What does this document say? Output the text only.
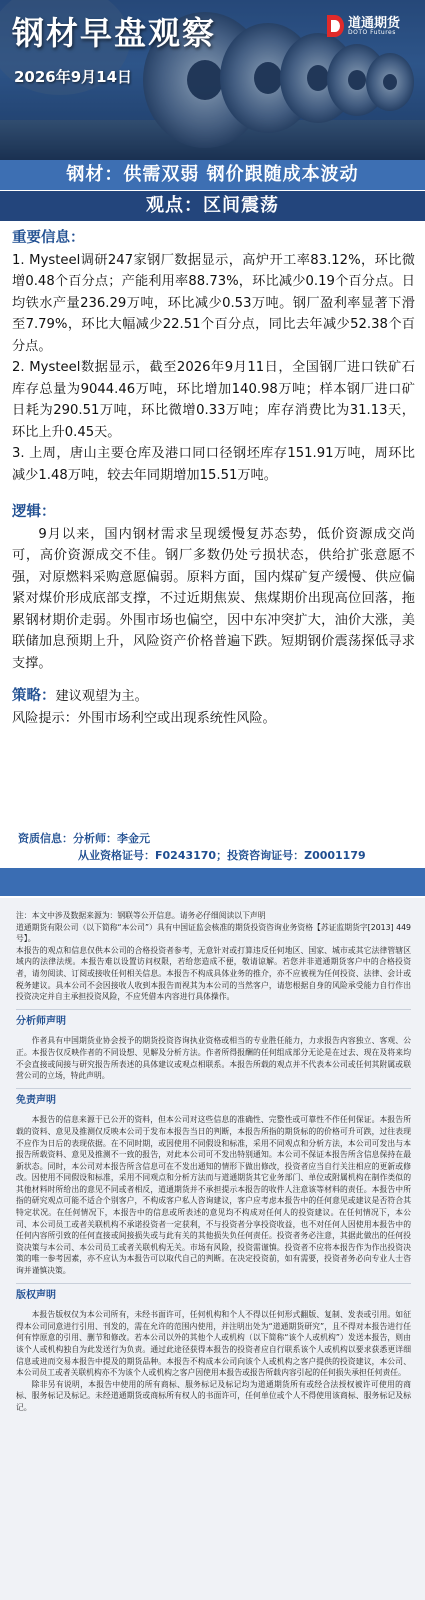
钢材早盘观察
2026年9月14日
道通期货
DOTO Futures
钢材：供需双弱 钢价跟随成本波动
观点：区间震荡
重要信息：

1. Mysteel调研247家钢厂数据显示，高炉开工率83.12%，环比微增0.48个百分点；产能利用率88.73%，环比减少0.19个百分点。日均铁水产量236.29万吨，环比减少0.53万吨。钢厂盈利率显著下滑至7.79%，环比大幅减少22.51个百分点，同比去年减少52.38个百分点。

2. Mysteel数据显示，截至2026年9月11日，全国钢厂进口铁矿石库存总量为9044.46万吨，环比增加140.98万吨；样本钢厂进口矿日耗为290.51万吨，环比微增0.33万吨；库存消费比为31.13天，环比上升0.45天。

3. 上周，唐山主要仓库及港口同口径钢坯库存151.91万吨，周环比减少1.48万吨，较去年同期增加15.51万吨。

逻辑：

9月以来，国内钢材需求呈现缓慢复苏态势，低价资源成交尚可，高价资源成交不佳。钢厂多数仍处亏损状态，供给扩张意愿不强，对原燃料采购意愿偏弱。原料方面，国内煤矿复产缓慢、供应偏紧对煤价形成底部支撑，不过近期焦炭、焦煤期价出现高位回落，拖累钢材期价走弱。外围市场也偏空，因中东冲突扩大，油价大涨，美联储加息预期上升，风险资产价格普遍下跌。短期钢价震荡探低寻求支撑。

策略：建议观望为主。

风险提示：外围市场利空或出现系统性风险。

资质信息：分析师：李金元
从业资格证号：F0243170；投资咨询证号：Z0001179

注：本文中涉及数据来源为：钢联等公开信息。请务必仔细阅读以下声明

道通期货有限公司（以下简称“本公司”）具有中国证监会核准的期货投资咨询业务资格【苏证监期货字[2013] 449号】。

本报告的观点和信息仅供本公司的合格投资者参考，无意针对或打算违反任何地区、国家、城市或其它法律管辖区域内的法律法规。本报告难以设置访问权限，若给您造成不便，敬请谅解。若您并非道通期货客户中的合格投资者，请勿阅读、订阅或接收任何相关信息。本报告不构成具体业务的推介，亦不应被视为任何投资、法律、会计或税务建议。具本公司不会因接收人收到本报告而视其为本公司的当然客户，请您根据自身的风险承受能力自行作出投资决定并自主承担投资风险，不应凭借本内容进行具体操作。

分析师声明

作者具有中国期货业协会授予的期货投资咨询执业资格或相当的专业胜任能力，力求报告内容独立、客观、公正。本报告仅反映作者的不同设想、见解及分析方法。作者所得报酬的任何组成部分无论是在过去、现在及将来均不会直接或间接与研究报告所表述的具体建议或观点相联系。本报告所载的观点并不代表本公司或任何其附属或联营公司的立场，特此声明。

免责声明

本报告的信息来源于已公开的资料，但本公司对这些信息的准确性、完整性或可靠性不作任何保证。本报告所载的资料、意见及推测仅反映本公司于发布本报告当日的判断，本报告所指的期货标的的价格可升可跌，过往表现不应作为日后的表现依据。在不同时期，或因使用不同假设和标准，采用不同观点和分析方法，本公司可发出与本报告所载资料、意见及推测不一致的报告，对此本公司可不发出特别通知。本公司不保证本报告所含信息保持在最新状态。同时，本公司对本报告所含信息可在不发出通知的情形下做出修改，投资者应当自行关注相应的更新或修改。因使用不同假设和标准，采用不同观点和分析方法而与道通期货其它业务部门、单位或附属机构在制作类似的其他材料时所给出的意见不同或者相反，道通期货并不承担提示本报告的收件人注意该等材料的责任。本报告中所指的研究观点可能不适合个别客户，不构成客户私人咨询建议，客户应考虑本报告中的任何意见或建议是否符合其特定状况。在任何情况下，本报告中的信息或所表述的意见均不构成对任何人的投资建议。在任何情况下，本公司、本公司员工或者关联机构不承诺投资者一定获利，不与投资者分享投资收益，也不对任何人因使用本报告中的任何内容所引致的任何直接或间接损失或与此有关的其他损失负任何责任。投资者务必注意，其据此做出的任何投资决策与本公司、本公司员工或者关联机构无关。市场有风险，投资需谨慎。投资者不应将本报告作为作出投资决策的唯一参考因素，亦不应认为本报告可以取代自己的判断。在决定投资前，如有需要，投资者务必向专业人士咨询并谨慎决策。

版权声明

本报告版权仅为本公司所有，未经书面许可，任何机构和个人不得以任何形式翻版、复制、发表或引用。如征得本公司同意进行引用、刊发的，需在允许的范围内使用，并注明出处为“道通期货研究”，且不得对本报告进行任何有悖原意的引用、删节和修改。若本公司以外的其他个人或机构（以下简称“该个人或机构”）发送本报告，则由该个人或机构独自为此发送行为负责。通过此途径获得本报告的投资者应自行联系该个人或机构以要求获悉更详细信息或进而交易本报告中提及的期货品种。本报告不构成本公司向该个人或机构之客户提供的投资建议，本公司、本公司员工或者关联机构亦不为该个人或机构之客户因使用本报告或报告所载内容引起的任何损失承担任何责任。

除非另有说明，本报告中使用的所有商标、服务标记及标记均为道通期货所有或经合法授权被许可使用的商标、服务标记及标记。未经道通期货或商标所有权人的书面许可，任何单位或个人不得使用该商标、服务标记及标记。
